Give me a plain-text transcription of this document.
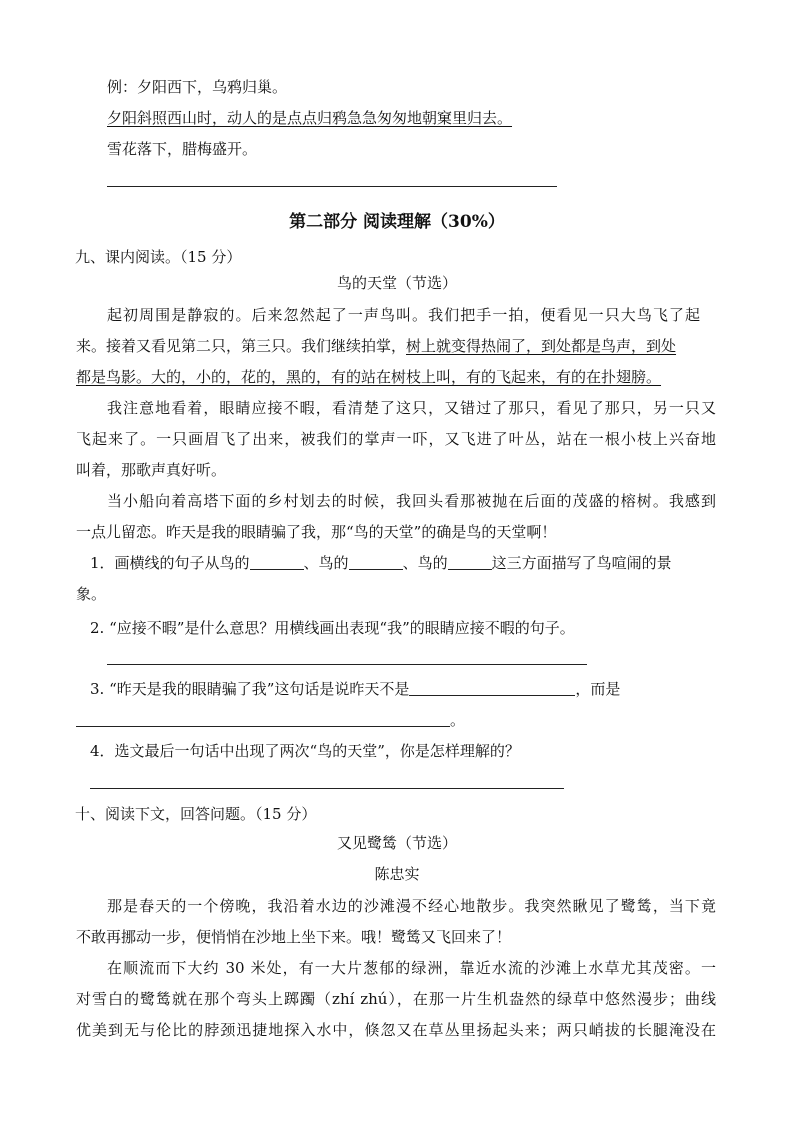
例：夕阳西下，乌鸦归巢。
夕阳斜照西山时，动人的是点点归鸦急急匆匆地朝窠里归去。
雪花落下，腊梅盛开。
第二部分 阅读理解（30%）
九、课内阅读。（15 分）
鸟的天堂（节选）
起初周围是静寂的。后来忽然起了一声鸟叫。我们把手一拍，便看见一只大鸟飞了起
来。接着又看见第二只，第三只。我们继续拍掌，树上就变得热闹了，到处都是鸟声，到处
都是鸟影。大的，小的，花的，黑的，有的站在树枝上叫，有的飞起来，有的在扑翅膀。
我注意地看着，眼睛应接不暇，看清楚了这只，又错过了那只，看见了那只，另一只又
飞起来了。一只画眉飞了出来，被我们的掌声一吓，又飞进了叶丛，站在一根小枝上兴奋地
叫着，那歌声真好听。
当小船向着高塔下面的乡村划去的时候，我回头看那被抛在后面的茂盛的榕树。我感到
一点儿留恋。昨天是我的眼睛骗了我，那“鸟的天堂”的确是鸟的天堂啊！
1．画横线的句子从鸟的	、鸟的	、鸟的	这三方面描写了鸟喧闹的景
象。
2. “应接不暇”是什么意思？用横线画出表现“我”的眼睛应接不暇的句子。
3. “昨天是我的眼睛骗了我”这句话是说昨天不是	，而是
。
4．选文最后一句话中出现了两次“鸟的天堂”，你是怎样理解的？
十、阅读下文，回答问题。（15 分）
又见鹭鸶（节选）
陈忠实
那是春天的一个傍晚，我沿着水边的沙滩漫不经心地散步。我突然瞅见了鹭鸶，当下竟
不敢再挪动一步，便悄悄在沙地上坐下来。哦！鹭鸶又飞回来了！
在顺流而下大约 30 米处，有一大片葱郁的绿洲，靠近水流的沙滩上水草尤其茂密。一
对雪白的鹭鸶就在那个弯头上踯躅（zhí zhú），在那一片生机盎然的绿草中悠然漫步；曲线
优美到无与伦比的脖颈迅捷地探入水中，倏忽又在草丛里扬起头来；两只峭拔的长腿淹没在
